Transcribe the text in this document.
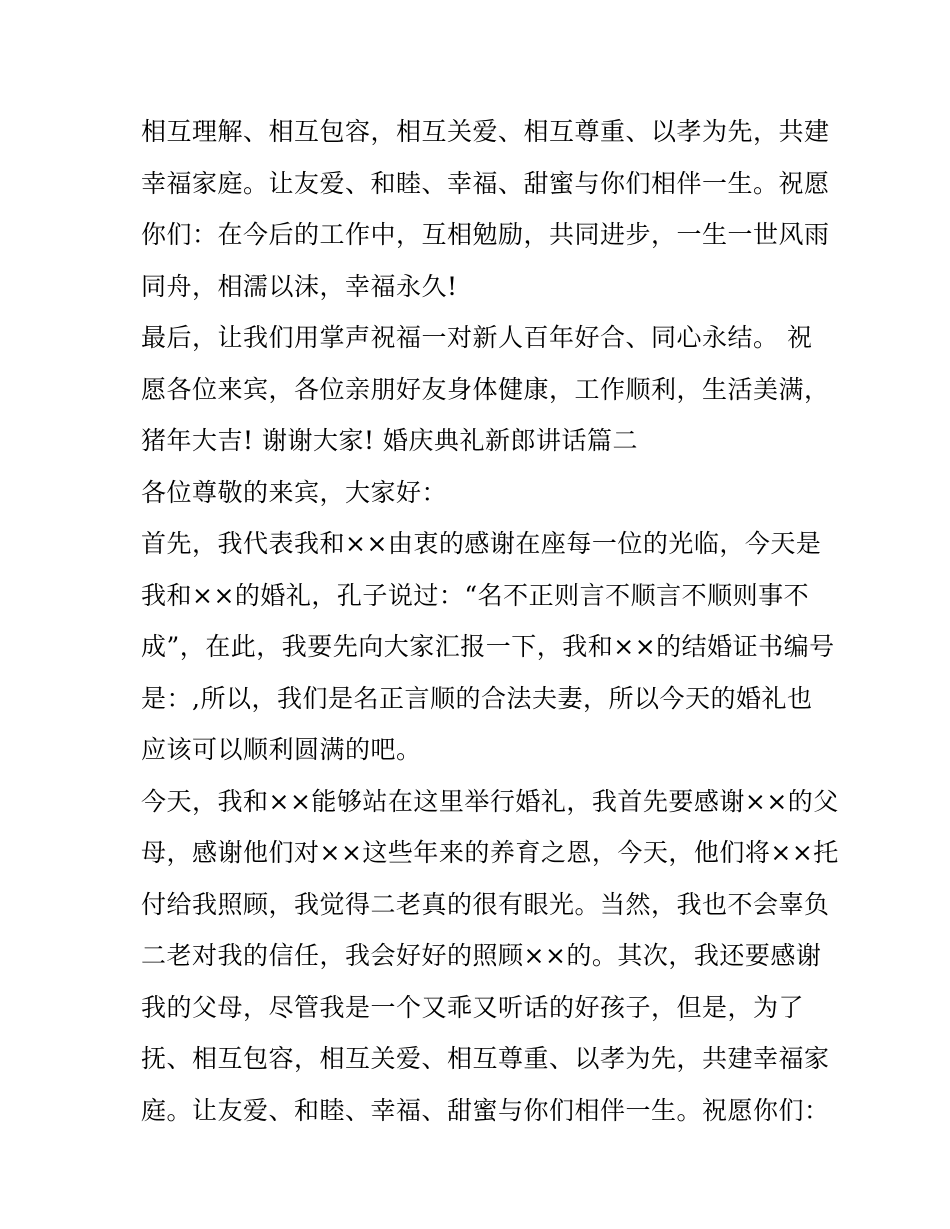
相互理解、相互包容，相互关爱、相互尊重、以孝为先，共建
幸福家庭。让友爱、和睦、幸福、甜蜜与你们相伴一生。祝愿
你们：在今后的工作中，互相勉励，共同进步，一生一世风雨
同舟，相濡以沫，幸福永久!
最后，让我们用掌声祝福一对新人百年好合、同心永结。 祝
愿各位来宾，各位亲朋好友身体健康，工作顺利，生活美满，
猪年大吉! 谢谢大家! 婚庆典礼新郎讲话篇二
各位尊敬的来宾，大家好：
首先，我代表我和××由衷的感谢在座每一位的光临，今天是
我和××的婚礼，孔子说过：“名不正则言不顺言不顺则事不
成”，在此，我要先向大家汇报一下，我和××的结婚证书编号
是：,所以，我们是名正言顺的合法夫妻，所以今天的婚礼也
应该可以顺利圆满的吧。
今天，我和××能够站在这里举行婚礼，我首先要感谢××的父
母，感谢他们对××这些年来的养育之恩，今天，他们将××托
付给我照顾，我觉得二老真的很有眼光。当然，我也不会辜负
二老对我的信任，我会好好的照顾××的。其次，我还要感谢
我的父母，尽管我是一个又乖又听话的好孩子，但是，为了
抚、相互包容，相互关爱、相互尊重、以孝为先，共建幸福家
庭。让友爱、和睦、幸福、甜蜜与你们相伴一生。祝愿你们：
